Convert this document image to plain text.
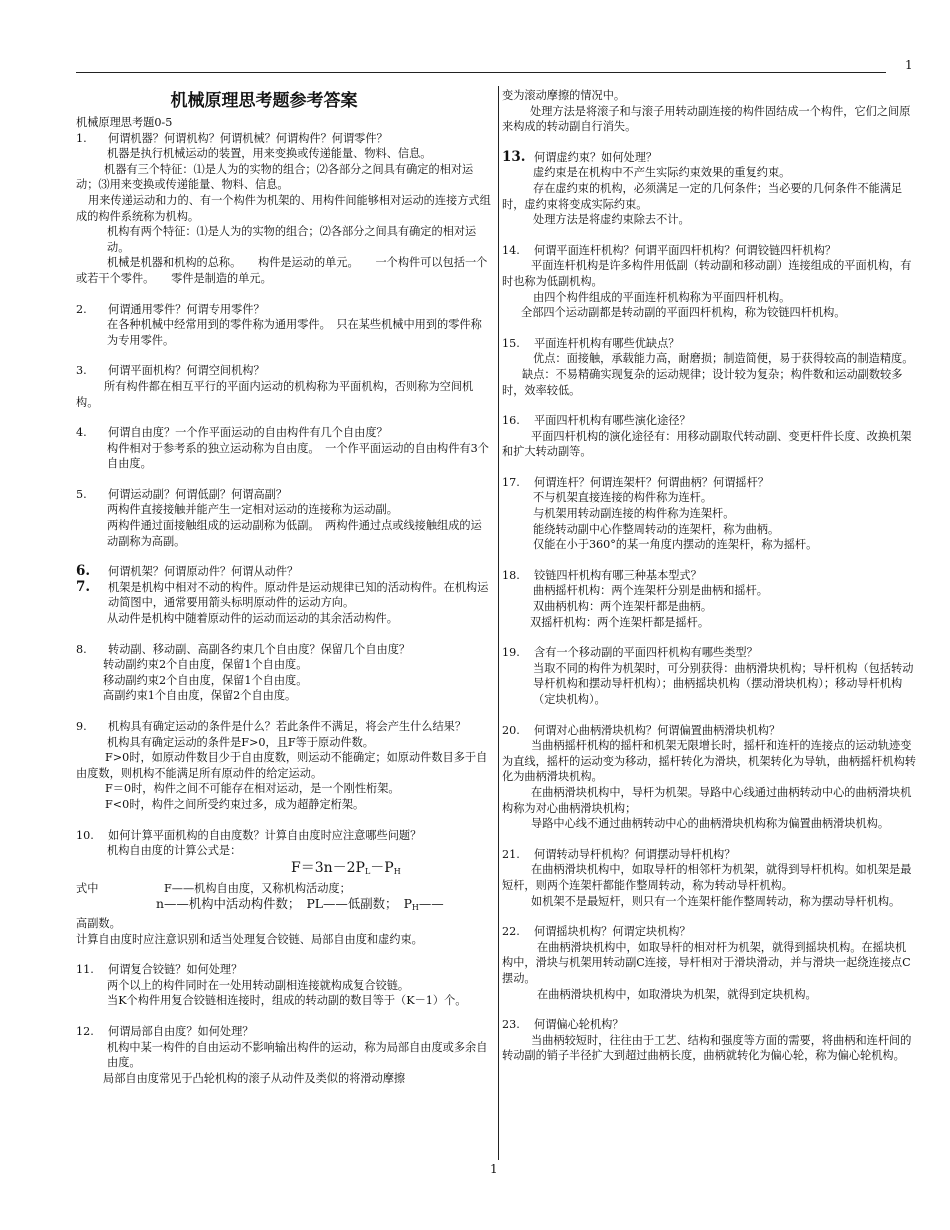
1

机械原理思考题参考答案

机械原理思考题0-5

1. 何谓机器？何谓机构？何谓机械？何谓构件？何谓零件？

机器是执行机械运动的装置，用来变换或传递能量、物料、信息。

机器有三个特征：⑴是人为的实物的组合；⑵各部分之间具有确定的相对运动；⑶用来变换或传递能量、物料、信息。

用来传递运动和力的、有一个构件为机架的、用构件间能够相对运动的连接方式组成的构件系统称为机构。

机构有两个特征：⑴是人为的实物的组合；⑵各部分之间具有确定的相对运动。

机械是机器和机构的总称。　　构件是运动的单元。　　一个构件可以包括一个或若干个零件。　　零件是制造的单元。

2. 何谓通用零件？何谓专用零件？

在各种机械中经常用到的零件称为通用零件。　只在某些机械中用到的零件称为专用零件。

3. 何谓平面机构？何谓空间机构？

所有构件都在相互平行的平面内运动的机构称为平面机构，否则称为空间机构。

4. 何谓自由度？一个作平面运动的自由构件有几个自由度？

构件相对于参考系的独立运动称为自由度。　一个作平面运动的自由构件有3个自由度。

5. 何谓运动副？何谓低副？何谓高副？

两构件直接接触并能产生一定相对运动的连接称为运动副。

两构件通过面接触组成的运动副称为低副。　两构件通过点或线接触组成的运动副称为高副。

6. 何谓机架？何谓原动件？何谓从动件？

7. 机架是机构中相对不动的构件。原动件是运动规律已知的活动构件。在机构运动简图中，通常要用箭头标明原动件的运动方向。

从动件是机构中随着原动件的运动而运动的其余活动构件。

8. 转动副、移动副、高副各约束几个自由度？保留几个自由度？

转动副约束2个自由度，保留1个自由度。

移动副约束2个自由度，保留1个自由度。

高副约束1个自由度，保留2个自由度。

9. 机构具有确定运动的条件是什么？若此条件不满足，将会产生什么结果？

机构具有确定运动的条件是F>0，且F等于原动件数。

F>0时，如原动件数目少于自由度数，则运动不能确定；如原动件数目多于自由度数，则机构不能满足所有原动件的给定运动。

F＝0时，构件之间不可能存在相对运动，是一个刚性桁架。

F<0时，构件之间所受约束过多，成为超静定桁架。

10. 如何计算平面机构的自由度数？计算自由度时应注意哪些问题？

机构自由度的计算公式是：

$F=3n-2P_L-P_H$

式中	F——机构自由度，又称机构活动度；

n——机构中活动构件数；　 PL——低副数；　 $P_H——$

高副数。

计算自由度时应注意识别和适当处理复合铰链、局部自由度和虚约束。

11. 何谓复合铰链？如何处理？

两个以上的构件同时在一处用转动副相连接就构成复合铰链。

当K个构件用复合铰链相连接时，组成的转动副的数目等于（K－1）个。

12. 何谓局部自由度？如何处理？

机构中某一构件的自由运动不影响输出构件的运动，称为局部自由度或多余自由度。

局部自由度常见于凸轮机构的滚子从动件及类似的将滑动摩擦

变为滚动摩擦的情况中。

处理方法是将滚子和与滚子用转动副连接的构件固结成一个构件，它们之间原来构成的转动副自行消失。

13. 何谓虚约束？如何处理？

虚约束是在机构中不产生实际约束效果的重复约束。

存在虚约束的机构，必须满足一定的几何条件；当必要的几何条件不能满足时，虚约束将变成实际约束。

处理方法是将虚约束除去不计。

14. 何谓平面连杆机构？何谓平面四杆机构？何谓铰链四杆机构？

平面连杆机构是许多构件用低副（转动副和移动副）连接组成的平面机构，有时也称为低副机构。

由四个构件组成的平面连杆机构称为平面四杆机构。

全部四个运动副都是转动副的平面四杆机构，称为铰链四杆机构。

15. 平面连杆机构有哪些优缺点？

优点：面接触，承载能力高，耐磨损；制造简便，易于获得较高的制造精度。

缺点：不易精确实现复杂的运动规律；设计较为复杂；构件数和运动副数较多时，效率较低。

16. 平面四杆机构有哪些演化途径？

平面四杆机构的演化途径有：用移动副取代转动副、变更杆件长度、改换机架和扩大转动副等。

17. 何谓连杆？何谓连架杆？何谓曲柄？何谓摇杆？

不与机架直接连接的构件称为连杆。

与机架用转动副连接的构件称为连架杆。

能绕转动副中心作整周转动的连架杆，称为曲柄。

仅能在小于360°的某一角度内摆动的连架杆，称为摇杆。

18. 铰链四杆机构有哪三种基本型式？

曲柄摇杆机构：两个连架杆分别是曲柄和摇杆。

双曲柄机构：两个连架杆都是曲柄。

双摇杆机构：两个连架杆都是摇杆。

19. 含有一个移动副的平面四杆机构有哪些类型？

当取不同的构件为机架时，可分别获得：曲柄滑块机构；导杆机构（包括转动导杆机构和摆动导杆机构）；曲柄摇块机构（摆动滑块机构）；移动导杆机构（定块机构）。

20. 何谓对心曲柄滑块机构？何谓偏置曲柄滑块机构？

当曲柄摇杆机构的摇杆和机架无限增长时，摇杆和连杆的连接点的运动轨迹变为直线，摇杆的运动变为移动，摇杆转化为滑块，机架转化为导轨，曲柄摇杆机构转化为曲柄滑块机构。

在曲柄滑块机构中，导杆为机架。导路中心线通过曲柄转动中心的曲柄滑块机构称为对心曲柄滑块机构；

导路中心线不通过曲柄转动中心的曲柄滑块机构称为偏置曲柄滑块机构。

21. 何谓转动导杆机构？何谓摆动导杆机构？

在曲柄滑块机构中，如取导杆的相邻杆为机架，就得到导杆机构。如机架是最短杆，则两个连架杆都能作整周转动，称为转动导杆机构。

如机架不是最短杆，则只有一个连架杆能作整周转动，称为摆动导杆机构。

22. 何谓摇块机构？何谓定块机构？

在曲柄滑块机构中，如取导杆的相对杆为机架，就得到摇块机构。在摇块机构中，滑块与机架用转动副C连接，导杆相对于滑块滑动，并与滑块一起绕连接点C摆动。

在曲柄滑块机构中，如取滑块为机架，就得到定块机构。

23. 何谓偏心轮机构？

当曲柄较短时，往往由于工艺、结构和强度等方面的需要，将曲柄和连杆间的转动副的销子半径扩大到超过曲柄长度，曲柄就转化为偏心轮，称为偏心轮机构。

1
